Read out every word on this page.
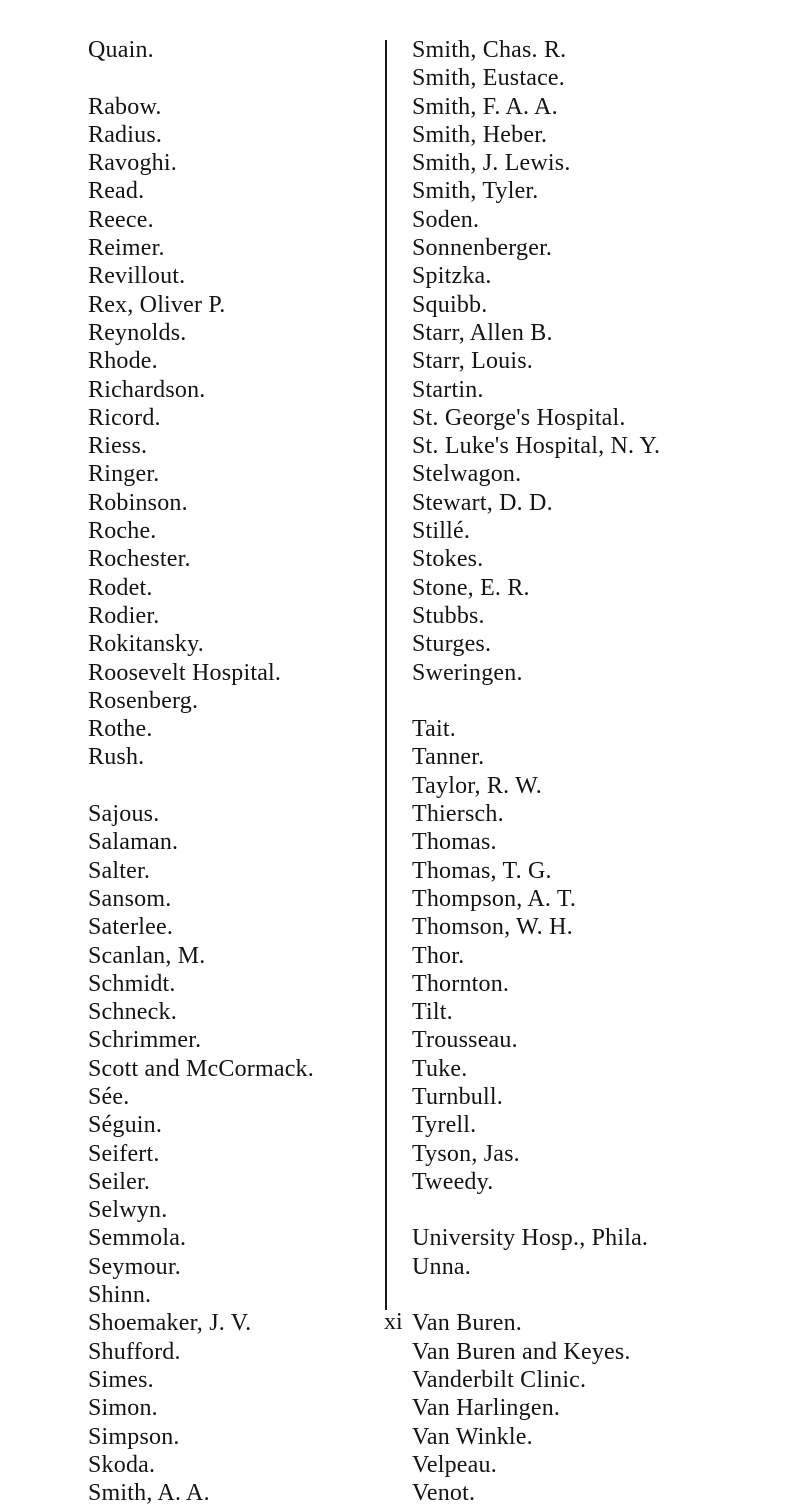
Quain.
Rabow.
Radius.
Ravoghi.
Read.
Reece.
Reimer.
Revillout.
Rex, Oliver P.
Reynolds.
Rhode.
Richardson.
Ricord.
Riess.
Ringer.
Robinson.
Roche.
Rochester.
Rodet.
Rodier.
Rokitansky.
Roosevelt Hospital.
Rosenberg.
Rothe.
Rush.
Sajous.
Salaman.
Salter.
Sansom.
Saterlee.
Scanlan, M.
Schmidt.
Schneck.
Schrimmer.
Scott and McCormack.
Sée.
Séguin.
Seifert.
Seiler.
Selwyn.
Semmola.
Seymour.
Shinn.
Shoemaker, J. V.
Shufford.
Simes.
Simon.
Simpson.
Skoda.
Smith, A. A.
Smith, Chas. R.
Smith, Eustace.
Smith, F. A. A.
Smith, Heber.
Smith, J. Lewis.
Smith, Tyler.
Soden.
Sonnenberger.
Spitzka.
Squibb.
Starr, Allen B.
Starr, Louis.
Startin.
St. George's Hospital.
St. Luke's Hospital, N. Y.
Stelwagon.
Stewart, D. D.
Stillé.
Stokes.
Stone, E. R.
Stubbs.
Sturges.
Sweringen.
Tait.
Tanner.
Taylor, R. W.
Thiersch.
Thomas.
Thomas, T. G.
Thompson, A. T.
Thomson, W. H.
Thor.
Thornton.
Tilt.
Trousseau.
Tuke.
Turnbull.
Tyrell.
Tyson, Jas.
Tweedy.
University Hosp., Phila.
Unna.
Van Buren.
Van Buren and Keyes.
Vanderbilt Clinic.
Van Harlingen.
Van Winkle.
Velpeau.
Venot.
xi
